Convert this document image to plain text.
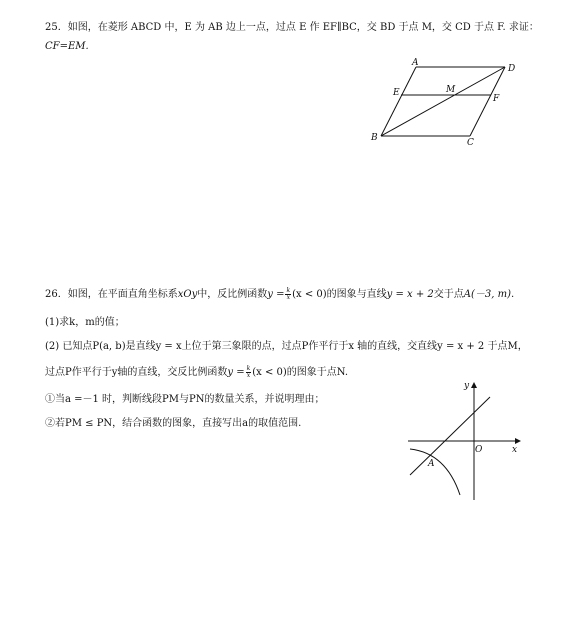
25．如图，在菱形 ABCD 中，E 为 AB 边上一点，过点 E 作 EF∥BC，交 BD 于点 M，交 CD 于点 F. 求证：
CF=EM.
A
D
E	M
F
B	C
26．如图，在平面直角坐标系xOy中，反比例函数$y = \frac{k}{x} (x < 0)$的图象与直线y = x + 2交于点A(－3, m).
(1)求k，m的值；
(2) 已知点P(a, b)是直线y = x上位于第三象限的点，过点P作平行于x 轴的直线，交直线y = x + 2 于点M，
过点P作平行于y轴的直线，交反比例函数$y = \frac{k}{x} (x < 0)$的图象于点N.
①当a =－1 时，判断线段PM与PN的数量关系，并说明理由；
②若PM ≤ PN，结合函数的图象，直接写出a的取值范围.
y
O	x
A
